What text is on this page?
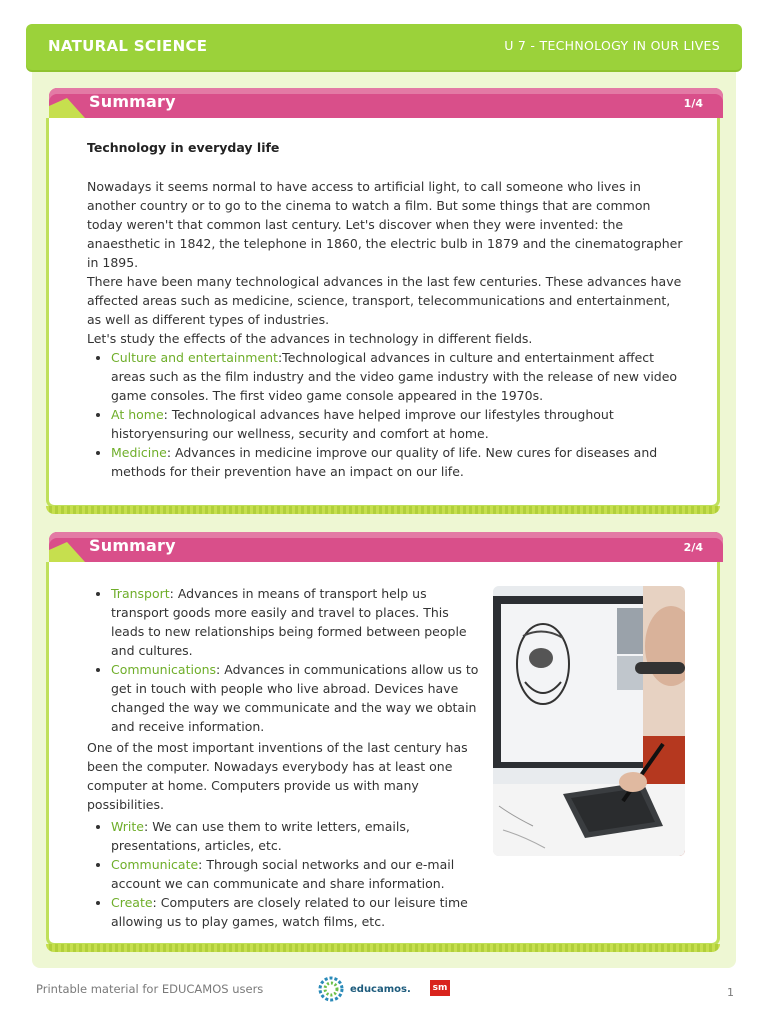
NATURAL SCIENCE	U 7 - TECHNOLOGY IN OUR LIVES
Summary	1/4

Technology in everyday life

Nowadays it seems normal to have access to artificial light, to call someone who lives in another country or to go to the cinema to watch a film. But some things that are common today weren't that common last century. Let's discover when they were invented: the anaesthetic in 1842, the telephone in 1860, the electric bulb in 1879 and the cinematographer in 1895.

There have been many technological advances in the last few centuries. These advances have affected areas such as medicine, science, transport, telecommunications and entertainment, as well as different types of industries.

Let's study the effects of the advances in technology in different fields.

• Culture and entertainment:Technological advances in culture and entertainment affect areas such as the film industry and the video game industry with the release of new video game consoles. The first video game console appeared in the 1970s.
• At home: Technological advances have helped improve our lifestyles throughout historyensuring our wellness, security and comfort at home.
• Medicine: Advances in medicine improve our quality of life. New cures for diseases and methods for their prevention have an impact on our life.
Summary	2/4
• Transport: Advances in means of transport help us transport goods more easily and travel to places. This leads to new relationships being formed between people and cultures.
• Communications: Advances in communications allow us to get in touch with people who live abroad. Devices have changed the way we communicate and the way we obtain and receive information.

One of the most important inventions of the last century has been the computer. Nowadays everybody has at least one computer at home. Computers provide us with many possibilities.

• Write: We can use them to write letters, emails, presentations, articles, etc.
• Communicate: Through social networks and our e-mail account we can communicate and share information.
• Create: Computers are closely related to our leisure time allowing us to play games, watch films, etc.
Printable material for EDUCAMOS users	educamos. sm	1
